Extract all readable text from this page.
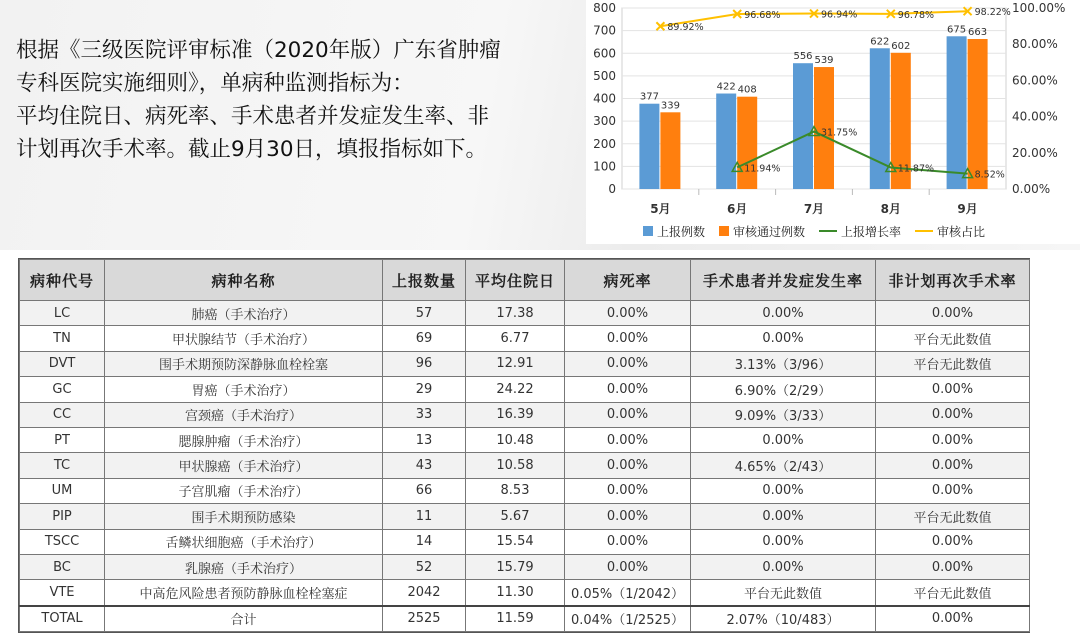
根据《三级医院评审标准（2020年版）广东省肿瘤
专科医院实施细则》，单病种监测指标为：
平均住院日、病死率、手术患者并发症发生率、非
计划再次手术率。截止9月30日，填报指标如下。
0
100
200
300
400
500
600
700
800
0.00%
20.00%
40.00%
60.00%
80.00%
100.00%
5月	6月	7月	8月	9月
377
422
556
622
675
339
408
539
602
663
11.94%
31.75%
11.87%
8.52%
89.92%
96.68%	96.94%	96.78%	98.22%
上报例数 审核通过例数	上报增长率	审核占比
病种代号	病种名称	上报数量	平均住院日	病死率	手术患者并发症发生率	非计划再次手术率
LC	肺癌（手术治疗）	57	17.38	0.00%	0.00%	0.00%
TN	甲状腺结节（手术治疗）	69	6.77	0.00%	0.00%	平台无此数值
DVT	围手术期预防深静脉血栓栓塞	96	12.91	0.00%	3.13%（3/96）	平台无此数值
GC	胃癌（手术治疗）	29	24.22	0.00%	6.90%（2/29）	0.00%
CC	宫颈癌（手术治疗）	33	16.39	0.00%	9.09%（3/33）	0.00%
PT	腮腺肿瘤（手术治疗）	13	10.48	0.00%	0.00%	0.00%
TC	甲状腺癌（手术治疗）	43	10.58	0.00%	4.65%（2/43）	0.00%
UM	子宫肌瘤（手术治疗）	66	8.53	0.00%	0.00%	0.00%
PIP	围手术期预防感染	11	5.67	0.00%	0.00%	平台无此数值
TSCC	舌鳞状细胞癌（手术治疗）	14	15.54	0.00%	0.00%	0.00%
BC	乳腺癌（手术治疗）	52	15.79	0.00%	0.00%	0.00%
VTE	中高危风险患者预防静脉血栓栓塞症	2042	11.30	0.05%（1/2042）	平台无此数值	平台无此数值
TOTAL	合计	2525	11.59	0.04%（1/2525）	2.07%（10/483）	0.00%
